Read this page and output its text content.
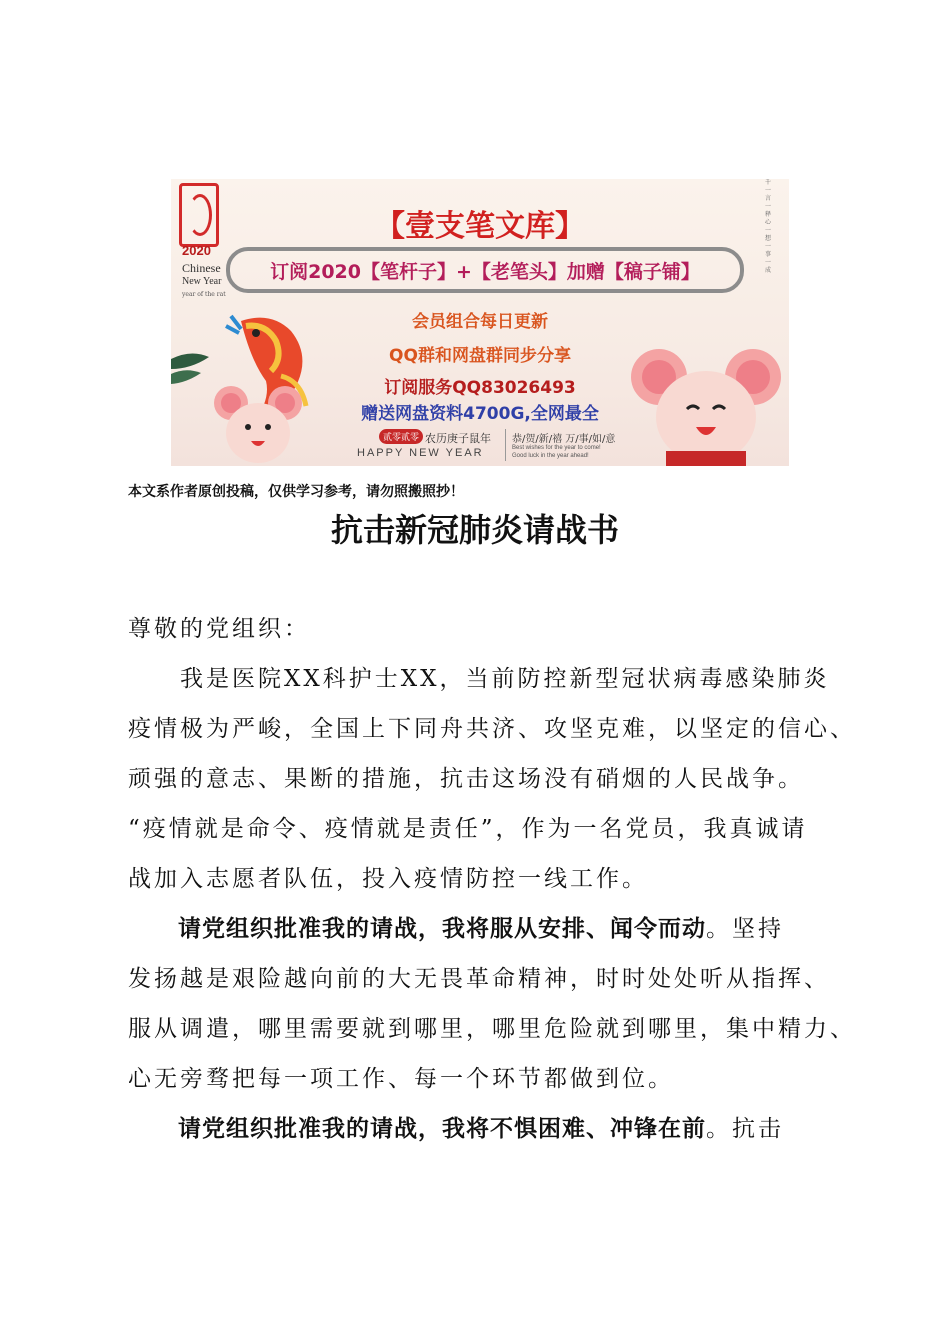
2020
Chinese
New Year
year of the rat
【壹支笔文库】
订阅2020【笔杆子】+【老笔头】加赠【稿子铺】
会员组合每日更新
QQ群和网盘群同步分享
订阅服务QQ83026493
赠送网盘资料4700G,全网最全
贰零贰零 农历庚子鼠年
HAPPY NEW YEAR
恭/贺/新/禧 万/事/如/意
Best wishes for the year to come! Good luck in the year ahead!
千一言一释 心一想一事一成
本文系作者原创投稿，仅供学习参考，请勿照搬照抄！
抗击新冠肺炎请战书
尊敬的党组织：
　　我是医院XX科护士XX，当前防控新型冠状病毒感染肺炎
疫情极为严峻，全国上下同舟共济、攻坚克难，以坚定的信心、
顽强的意志、果断的措施，抗击这场没有硝烟的人民战争。
“疫情就是命令、疫情就是责任”，作为一名党员，我真诚请
战加入志愿者队伍，投入疫情防控一线工作。
请党组织批准我的请战，我将服从安排、闻令而动。坚持
发扬越是艰险越向前的大无畏革命精神，时时处处听从指挥、
服从调遣，哪里需要就到哪里，哪里危险就到哪里，集中精力、
心无旁骛把每一项工作、每一个环节都做到位。
请党组织批准我的请战，我将不惧困难、冲锋在前。抗击
